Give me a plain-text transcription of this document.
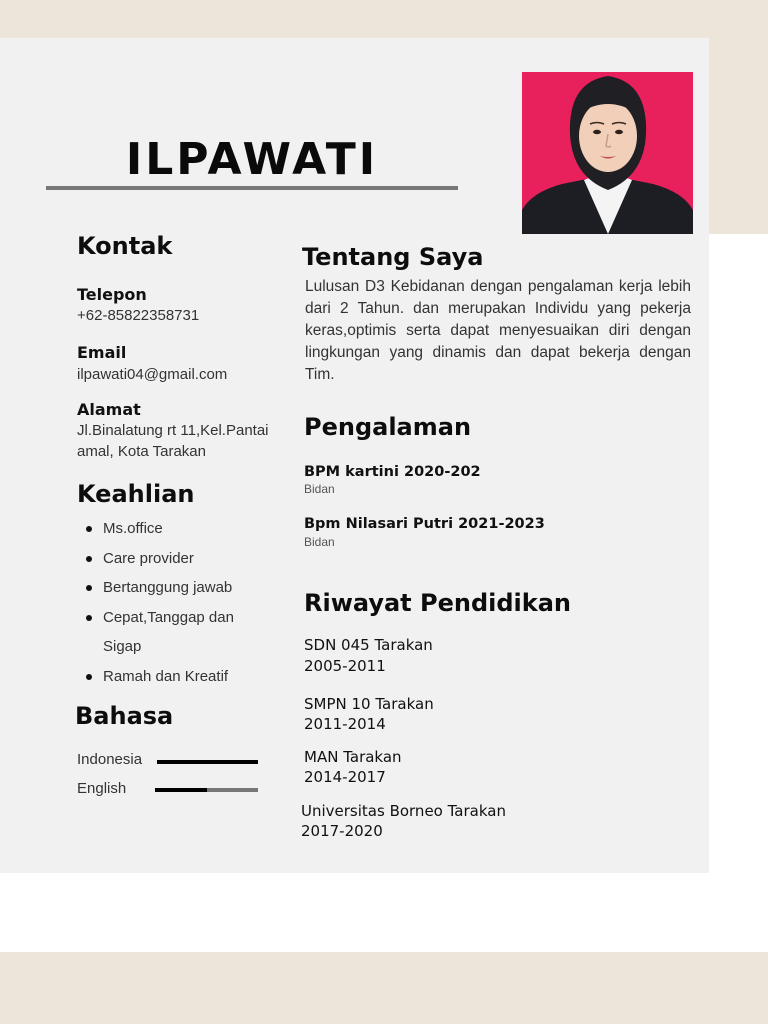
ILPAWATI
Kontak
Telepon
+62-85822358731
Email
ilpawati04@gmail.com
Alamat
Jl.Binalatung rt 11,Kel.Pantai
amal, Kota Tarakan
Keahlian
Ms.office
Care provider
Bertanggung jawab
Cepat,Tanggap dan
Sigap
Ramah dan Kreatif
Bahasa
Indonesia
English
Tentang Saya
Lulusan D3 Kebidanan dengan pengalaman kerja lebih dari 2 Tahun. dan merupakan Individu yang pekerja keras,optimis serta dapat menyesuaikan diri dengan lingkungan yang dinamis dan dapat bekerja dengan Tim.
Pengalaman
BPM kartini 2020-202
Bidan
Bpm Nilasari Putri 2021-2023
Bidan
Riwayat Pendidikan
SDN 045 Tarakan
2005-2011
SMPN 10 Tarakan
2011-2014
MAN Tarakan
2014-2017
Universitas Borneo Tarakan
2017-2020
